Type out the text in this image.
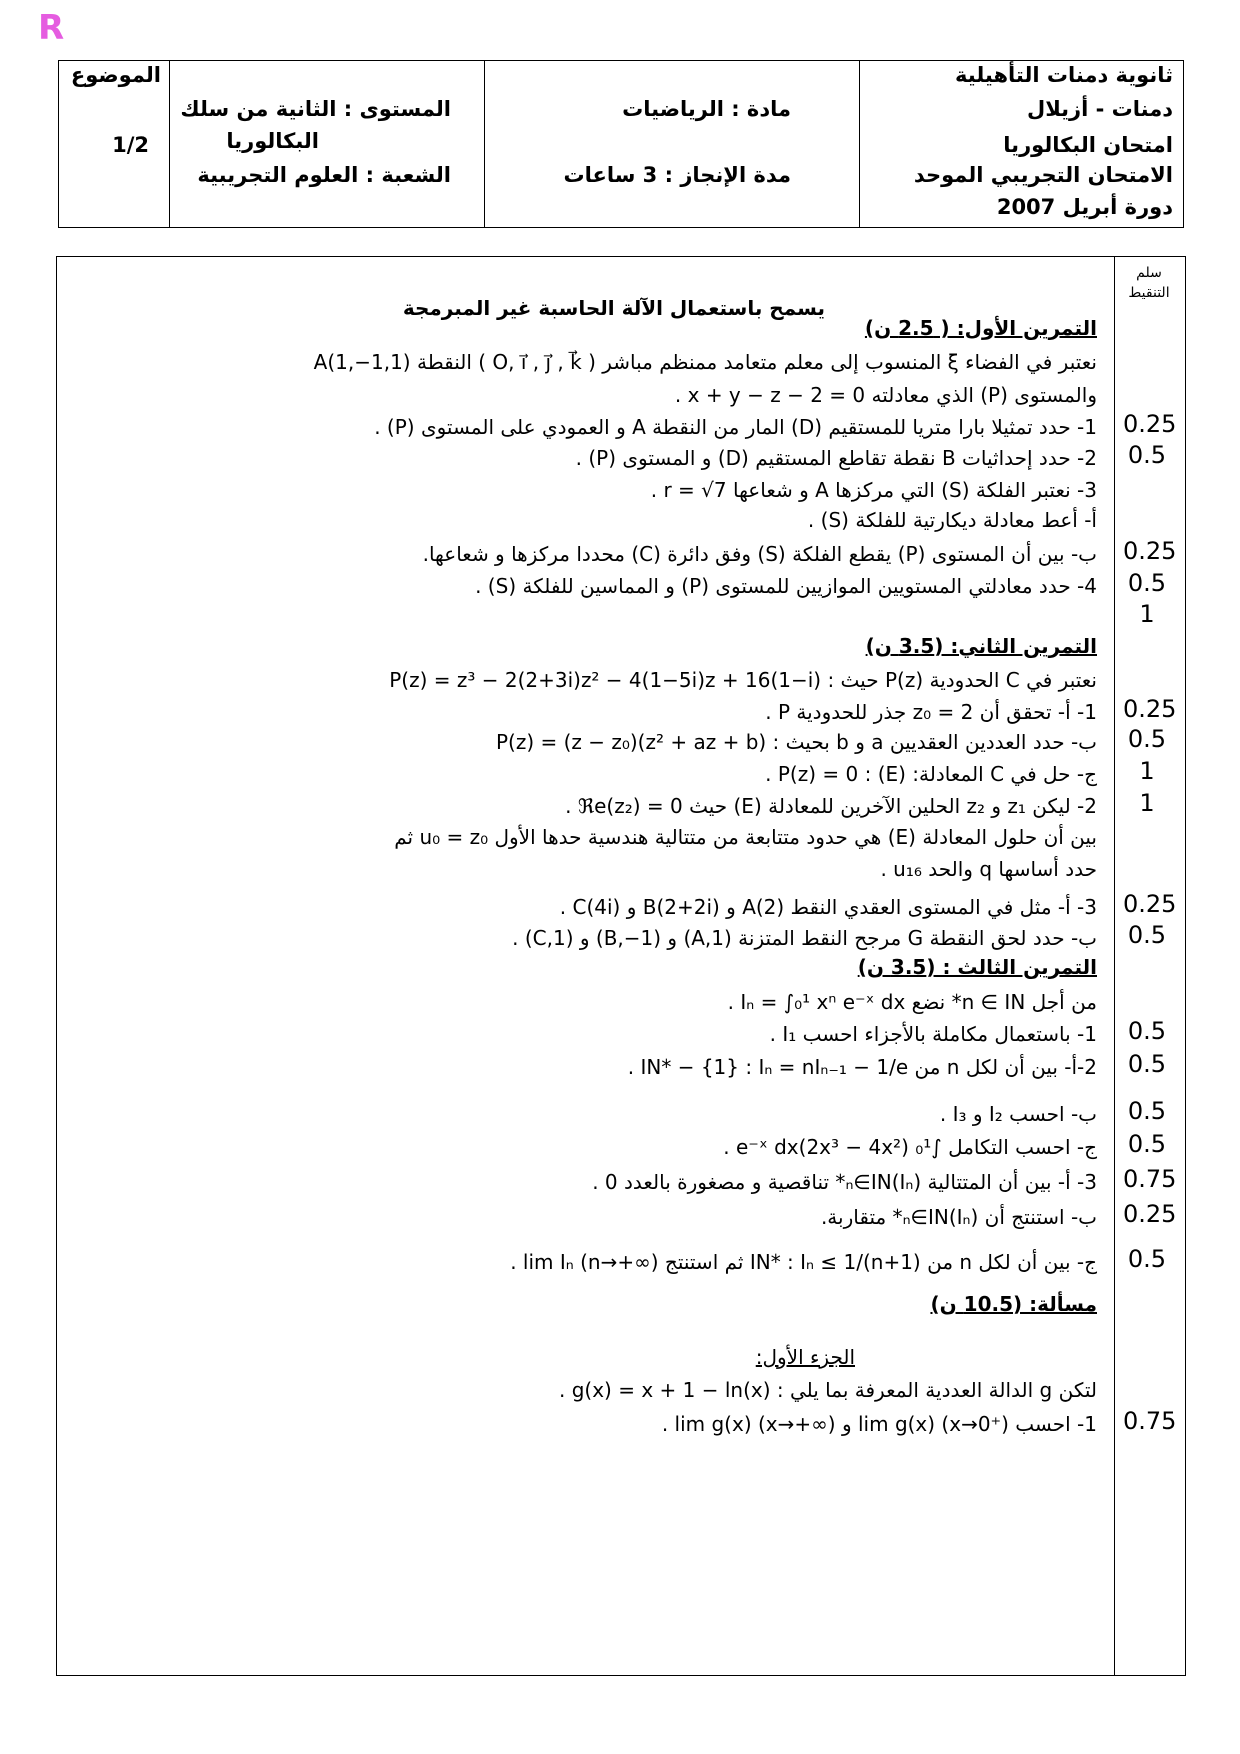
R
ثانوية دمنات التأهيلية
دمنات - أزيلال
امتحان البكالوريا
الامتحان التجريبي الموحد
دورة أبريل 2007
مادة : الرياضيات
مدة الإنجاز : 3 ساعات
المستوى : الثانية من سلك
البكالوريا
الشعبة : العلوم التجريبية
الموضوع
1/2
سلم التنقيط
يسمح باستعمال الآلة الحاسبة غير المبرمجة
التمرين الأول: ( 2.5 ن)
نعتبر في الفضاء ξ المنسوب إلى معلم متعامد ممنظم مباشر ( O, i⃗ , j⃗ , k⃗ ) النقطة A(1,−1,1)
والمستوى (P) الذي معادلته x + y − z − 2 = 0 .
1- حدد تمثيلا بارا متريا للمستقيم (D) المار من النقطة A و العمودي على المستوى (P) . 0.25
2- حدد إحداثيات B نقطة تقاطع المستقيم (D) و المستوى (P) . 0.5
3- نعتبر الفلكة (S) التي مركزها A و شعاعها r = √7 .
أ- أعط معادلة ديكارتية للفلكة (S) .
ب- بين أن المستوى (P) يقطع الفلكة (S) وفق دائرة (C) محددا مركزها و شعاعها. 0.25
4- حدد معادلتي المستويين الموازيين للمستوى (P) و المماسين للفلكة (S) . 0.5
1
التمرين الثاني: (3.5 ن)
نعتبر في C الحدودية P(z) حيث : P(z) = z³ − 2(2+3i)z² − 4(1−5i)z + 16(1−i)
1- أ- تحقق أن z₀ = 2 جذر للحدودية P . 0.25
ب- حدد العددين العقديين a و b بحيث : P(z) = (z − z₀)(z² + az + b) 0.5
ج- حل في C المعادلة: P(z) = 0 : (E) .	1
2- ليكن z₁ و z₂ الحلين الآخرين للمعادلة (E) حيث ℜe(z₂) = 0 .	1
بين أن حلول المعادلة (E) هي حدود متتابعة من متتالية هندسية حدها الأول u₀ = z₀ ثم
حدد أساسها q والحد u₁₆ .
3- أ- مثل في المستوى العقدي النقط A(2) و B(2+2i) و C(4i) . 0.25
ب- حدد لحق النقطة G مرجح النقط المتزنة (A,1) و (B,−1) و (C,1) . 0.5
التمرين الثالث : (3.5 ن)
من أجل n ∈ IN* نضع Iₙ = ∫₀¹ xⁿ e⁻ˣ dx .
1- باستعمال مكاملة بالأجزاء احسب I₁ . 0.5
2-أ- بين أن لكل n من IN* − {1} : Iₙ = nIₙ₋₁ − 1/e . 0.5
ب- احسب I₂ و I₃ . 0.5
ج- احسب التكامل ∫₀¹ (2x³ − 4x²)e⁻ˣ dx . 0.5
3- أ- بين أن المتتالية (Iₙ)ₙ∈IN* تناقصية و مصغورة بالعدد 0 . 0.75
ب- استنتج أن (Iₙ)ₙ∈IN* متقاربة. 0.25
ج- بين أن لكل n من IN* : Iₙ ≤ 1/(n+1) ثم استنتج lim Iₙ (n→+∞) . 0.5
مسألة: (10.5 ن)
الجزء الأول:
لتكن g الدالة العددية المعرفة بما يلي : g(x) = x + 1 − ln(x) .
1- احسب lim g(x) (x→0⁺) و lim g(x) (x→+∞) . 0.75
